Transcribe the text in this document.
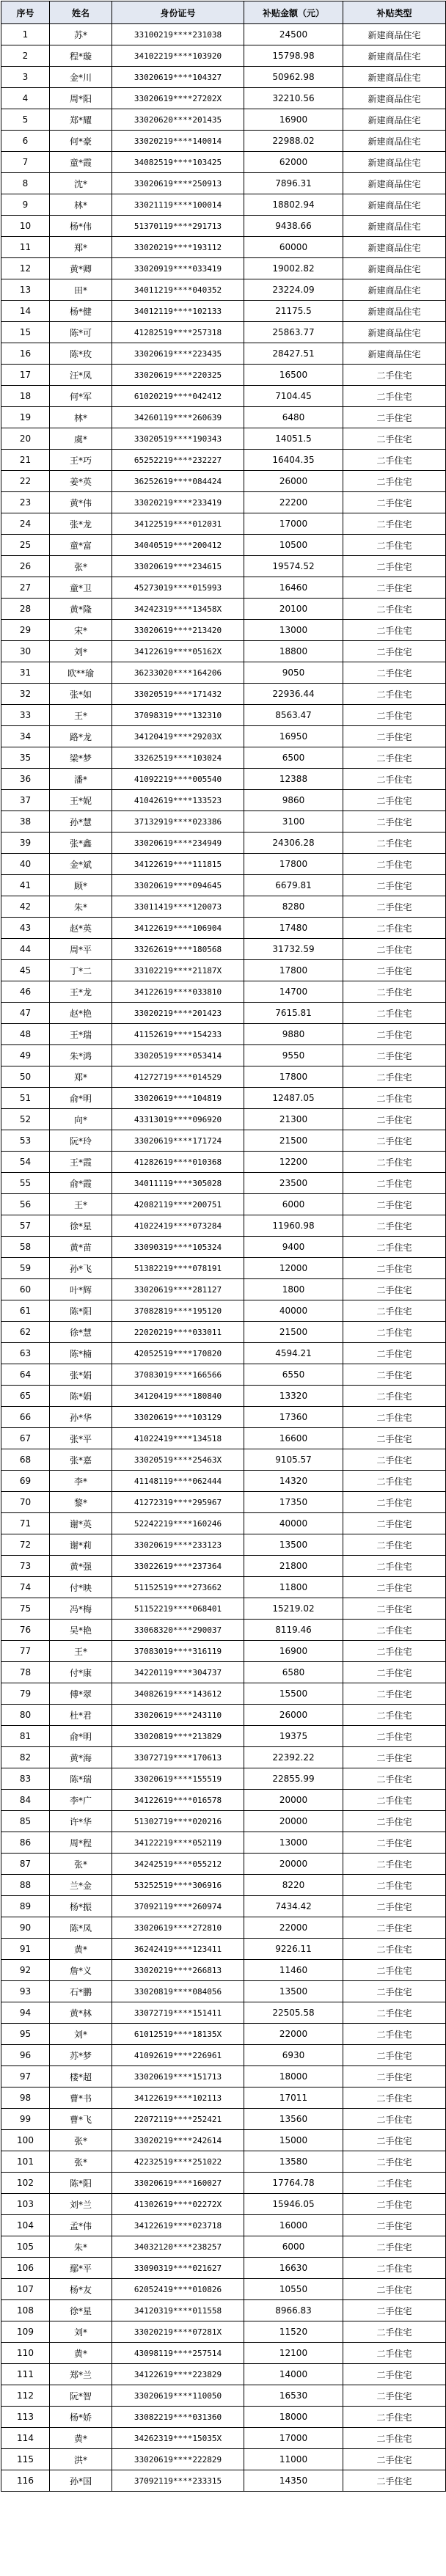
序号	姓名	身份证号	补贴金额（元）	补贴类型
1	苏*	33100219****231038	24500	新建商品住宅
2	程*璇	34102219****103920	15798.98	新建商品住宅
3	金*川	33020619****104327	50962.98	新建商品住宅
4	周*阳	33020619****27202X	32210.56	新建商品住宅
5	郑*耀	33020620****201435	16900	新建商品住宅
6	何*豪	33020219****140014	22988.02	新建商品住宅
7	童*霞	34082519****103425	62000	新建商品住宅
8	沈*	33020619****250913	7896.31	新建商品住宅
9	林*	33021119****100014	18802.94	新建商品住宅
10	杨*伟	51370119****291713	9438.66	新建商品住宅
11	郑*	33020219****193112	60000	新建商品住宅
12	黄*卿	33020919****033419	19002.82	新建商品住宅
13	田*	34011219****040352	23224.09	新建商品住宅
14	杨*健	34012119****102133	21175.5	新建商品住宅
15	陈*可	41282519****257318	25863.77	新建商品住宅
16	陈*玫	33020619****223435	28427.51	新建商品住宅
17	汪*凤	33020619****220325	16500	二手住宅
18	何*军	61020219****042412	7104.45	二手住宅
19	林*	34260119****260639	6480	二手住宅
20	虞*	33020519****190343	14051.5	二手住宅
21	王*巧	65252219****232227	16404.35	二手住宅
22	姜*英	36252619****084424	26000	二手住宅
23	黄*伟	33020219****233419	22200	二手住宅
24	张*龙	34122519****012031	17000	二手住宅
25	童*富	34040519****200412	10500	二手住宅
26	张*	33020619****234615	19574.52	二手住宅
27	童*卫	45273019****015993	16460	二手住宅
28	黄*隆	34242319****13458X	20100	二手住宅
29	宋*	33020619****213420	13000	二手住宅
30	刘*	34122619****05162X	18800	二手住宅
31	欧**瑜	36233020****164206	9050	二手住宅
32	张*如	33020519****171432	22936.44	二手住宅
33	王*	37098319****132310	8563.47	二手住宅
34	路*龙	34120419****29203X	16950	二手住宅
35	梁*梦	33262519****103024	6500	二手住宅
36	潘*	41092219****005540	12388	二手住宅
37	王*妮	41042619****133523	9860	二手住宅
38	孙*慧	37132919****023386	3100	二手住宅
39	张*鑫	33020619****234949	24306.28	二手住宅
40	金*斌	34122619****111815	17800	二手住宅
41	顾*	33020619****094645	6679.81	二手住宅
42	朱*	33011419****120073	8280	二手住宅
43	赵*英	34122619****106904	17480	二手住宅
44	周*平	33262619****180568	31732.59	二手住宅
45	丁*二	33102219****21187X	17800	二手住宅
46	王*龙	34122619****033810	14700	二手住宅
47	赵*艳	33020219****201423	7615.81	二手住宅
48	王*瑞	41152619****154233	9880	二手住宅
49	朱*鸿	33020519****053414	9550	二手住宅
50	郑*	41272719****014529	17800	二手住宅
51	俞*明	33020619****104819	12487.05	二手住宅
52	向*	43313019****096920	21300	二手住宅
53	阮*玲	33020619****171724	21500	二手住宅
54	王*霞	41282619****010368	12200	二手住宅
55	俞*霞	34011119****305028	23500	二手住宅
56	王*	42082119****200751	6000	二手住宅
57	徐*星	41022419****073284	11960.98	二手住宅
58	黄*苗	33090319****105324	9400	二手住宅
59	孙*飞	51382219****078191	12000	二手住宅
60	叶*辉	33020619****281127	1800	二手住宅
61	陈*阳	37082819****195120	40000	二手住宅
62	徐*慧	22020219****033011	21500	二手住宅
63	陈*楠	42052519****170820	4594.21	二手住宅
64	张*娟	37083019****166566	6550	二手住宅
65	陈*娟	34120419****180840	13320	二手住宅
66	孙*华	33020619****103129	17360	二手住宅
67	张*平	41022419****134518	16600	二手住宅
68	张*嘉	33020519****25463X	9105.57	二手住宅
69	李*	41148119****062444	14320	二手住宅
70	黎*	41272319****295967	17350	二手住宅
71	谢*英	52242219****160246	40000	二手住宅
72	谢*莉	33020619****233123	13500	二手住宅
73	黄*强	33022619****237364	21800	二手住宅
74	付*映	51152519****273662	11800	二手住宅
75	冯*梅	51152219****068401	15219.02	二手住宅
76	吴*艳	33068320****290037	8119.46	二手住宅
77	王*	37083019****316119	16900	二手住宅
78	付*康	34220119****304737	6580	二手住宅
79	傅*翠	34082619****143612	15500	二手住宅
80	杜*君	33020619****243110	26000	二手住宅
81	俞*明	33020819****213829	19375	二手住宅
82	黄*海	33072719****170613	22392.22	二手住宅
83	陈*瑞	33020619****155519	22855.99	二手住宅
84	李*广	34122619****016578	20000	二手住宅
85	许*华	51302719****020216	20000	二手住宅
86	周*程	34122219****052119	13000	二手住宅
87	张*	34242519****055212	20000	二手住宅
88	兰*金	53252519****306916	8220	二手住宅
89	杨*振	37092119****260974	7434.42	二手住宅
90	陈*凤	33020619****272810	22000	二手住宅
91	黄*	36242419****123411	9226.11	二手住宅
92	詹*义	33020219****266813	11460	二手住宅
93	石*鹏	33020819****084056	13500	二手住宅
94	黄*林	33072719****151411	22505.58	二手住宅
95	刘*	61012519****18135X	22000	二手住宅
96	苏*梦	41092619****226961	6930	二手住宅
97	楼*超	33020619****151713	18000	二手住宅
98	曹*书	34122619****102113	17011	二手住宅
99	曹*飞	22072119****252421	13560	二手住宅
100	张*	33020219****242614	15000	二手住宅
101	张*	42232519****251022	13580	二手住宅
102	陈*阳	33020619****160027	17764.78	二手住宅
103	刘*兰	41302619****02272X	15946.05	二手住宅
104	孟*伟	34122619****023718	16000	二手住宅
105	朱*	34032120****238257	6000	二手住宅
106	鄢*平	33090319****021627	16630	二手住宅
107	杨*友	62052419****010826	10550	二手住宅
108	徐*星	34120319****011558	8966.83	二手住宅
109	刘*	33020219****07281X	11520	二手住宅
110	黄*	43098119****257514	12100	二手住宅
111	郑*兰	34122619****223829	14000	二手住宅
112	阮*智	33020619****110050	16530	二手住宅
113	杨*娇	33082219****031360	18000	二手住宅
114	黄*	34262319****15035X	17000	二手住宅
115	洪*	33020619****222829	11000	二手住宅
116	孙*国	37092119****233315	14350	二手住宅
